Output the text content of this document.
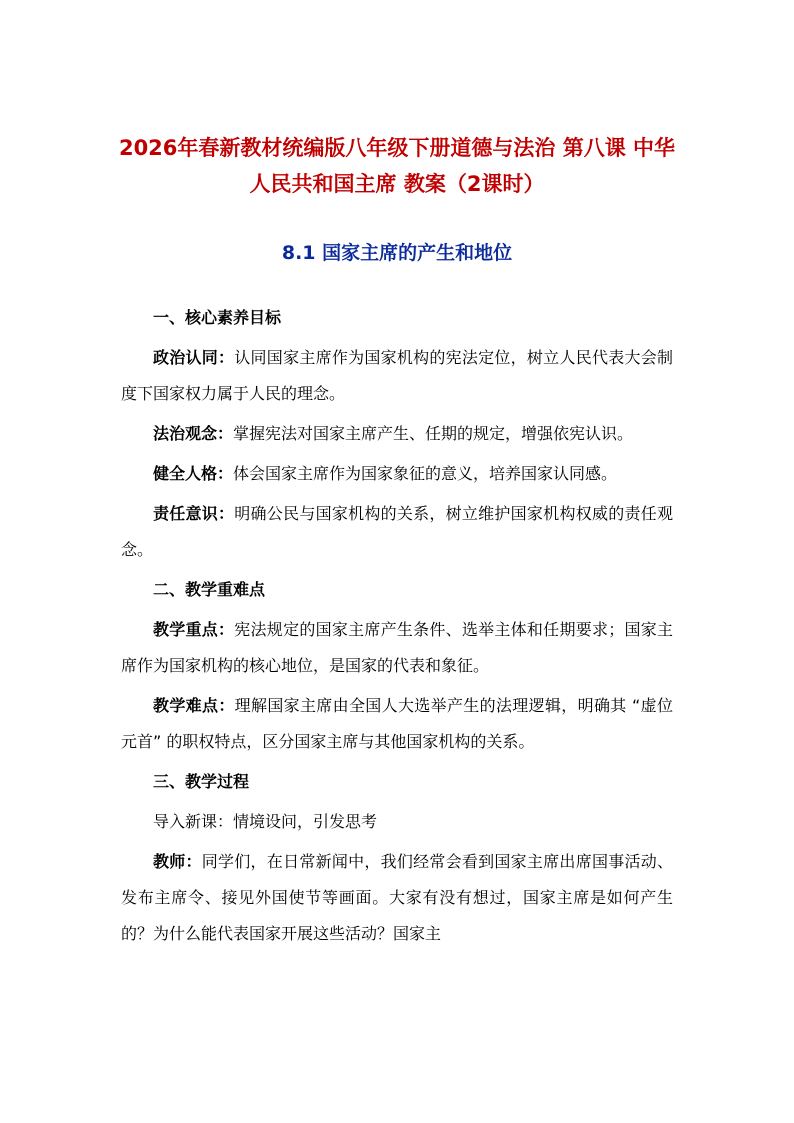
2026年春新教材统编版八年级下册道德与法治 第八课 中华人民共和国主席 教案（2课时）
8.1 国家主席的产生和地位

一、核心素养目标

政治认同：认同国家主席作为国家机构的宪法定位，树立人民代表大会制度下国家权力属于人民的理念。

法治观念：掌握宪法对国家主席产生、任期的规定，增强依宪认识。

健全人格：体会国家主席作为国家象征的意义，培养国家认同感。

责任意识：明确公民与国家机构的关系，树立维护国家机构权威的责任观念。

二、教学重难点

教学重点：宪法规定的国家主席产生条件、选举主体和任期要求；国家主席作为国家机构的核心地位，是国家的代表和象征。

教学难点：理解国家主席由全国人大选举产生的法理逻辑，明确其 “虚位元首” 的职权特点，区分国家主席与其他国家机构的关系。

三、教学过程

导入新课：情境设问，引发思考

教师：同学们，在日常新闻中，我们经常会看到国家主席出席国事活动、发布主席令、接见外国使节等画面。大家有没有想过，国家主席是如何产生的？为什么能代表国家开展这些活动？国家主
